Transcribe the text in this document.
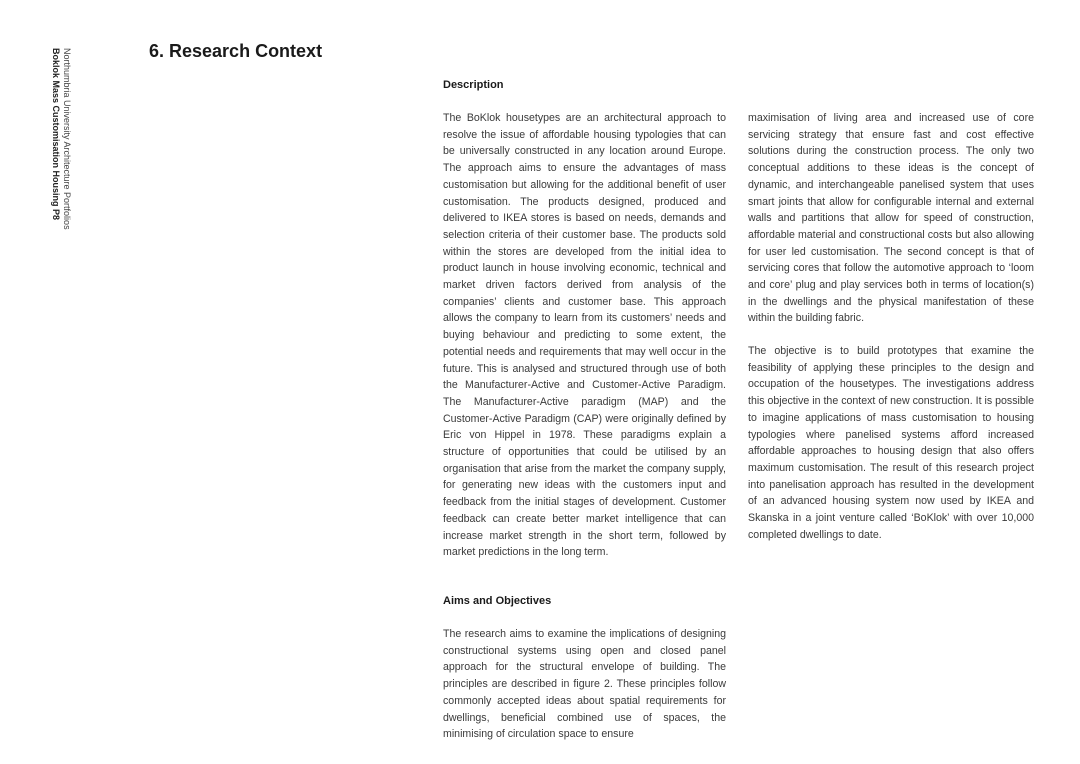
Northumbria University Architecture Portfolios
Boklok Mass Customisation Housing P8	6. Research Context
Description

The BoKlok housetypes are an architectural approach to resolve the issue of affordable housing typologies that can be universally constructed in any location around Europe. The approach aims to ensure the advantages of mass customisation but allowing for the additional benefit of user customisation. The products designed, produced and delivered to IKEA stores is based on needs, demands and selection criteria of their customer base. The products sold within the stores are developed from the initial idea to product launch in house involving economic, technical and market driven factors derived from analysis of the companies’ clients and customer base. This approach allows the company to learn from its customers’ needs and buying behaviour and predicting to some extent, the potential needs and requirements that may well occur in the future. This is analysed and structured through use of both the Manufacturer-Active and Customer-Active Paradigm. The Manufacturer-Active paradigm (MAP) and the Customer-Active Paradigm (CAP) were originally defined by Eric von Hippel in 1978. These paradigms explain a structure of opportunities that could be utilised by an organisation that arise from the market the company supply, for generating new ideas with the customers input and feedback from the initial stages of development. Customer feedback can create better market intelligence that can increase market strength in the short term, followed by market predictions in the long term.

Aims and Objectives

The research aims to examine the implications of designing constructional systems using open and closed panel approach for the structural envelope of building. The principles are described in figure 2. These principles follow commonly accepted ideas about spatial requirements for dwellings, beneficial combined use of spaces, the minimising of circulation space to ensure

maximisation of living area and increased use of core servicing strategy that ensure fast and cost effective solutions during the construction process. The only two conceptual additions to these ideas is the concept of dynamic, and interchangeable panelised system that uses smart joints that allow for configurable internal and external walls and partitions that allow for speed of construction, affordable material and constructional costs but also allowing for user led customisation. The second concept is that of servicing cores that follow the automotive approach to ‘loom and core’ plug and play services both in terms of location(s) in the dwellings and the physical manifestation of these within the building fabric.

The objective is to build prototypes that examine the feasibility of applying these principles to the design and occupation of the housetypes. The investigations address this objective in the context of new construction. It is possible to imagine applications of mass customisation to housing typologies where panelised systems afford increased affordable approaches to housing design that also offers maximum customisation. The result of this research project into panelisation approach has resulted in the development of an advanced housing system now used by IKEA and Skanska in a joint venture called ‘BoKlok’ with over 10,000 completed dwellings to date.
